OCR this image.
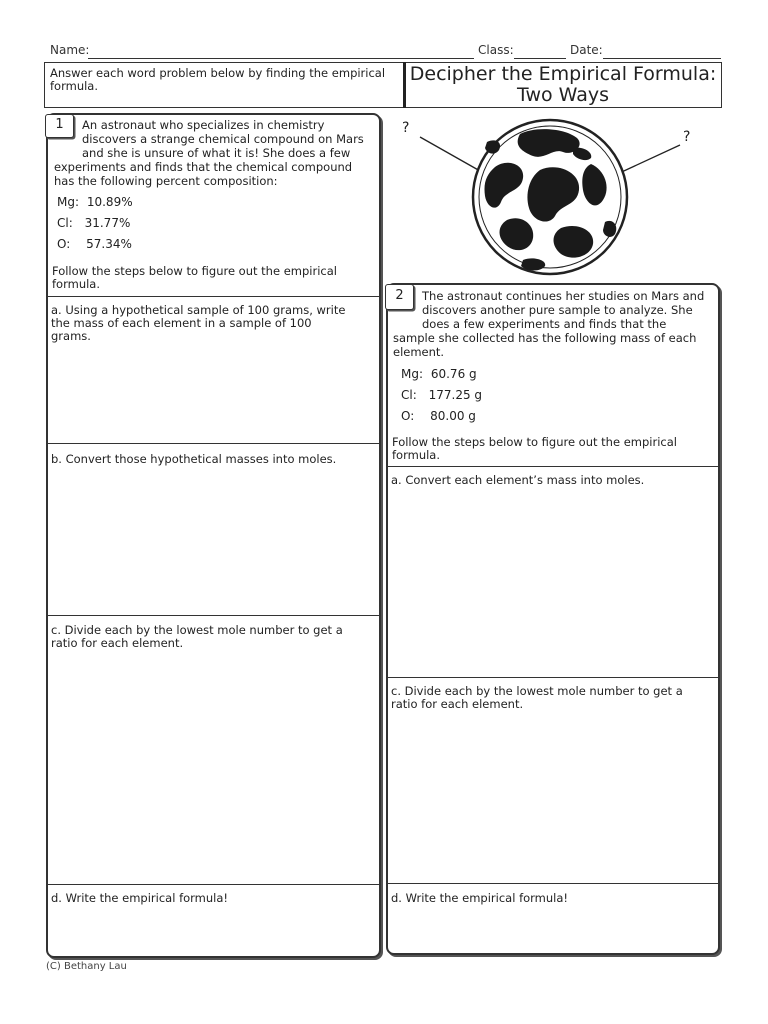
Name:	Class:	Date:
Answer each word problem below by finding the empirical formula.
Decipher the Empirical Formula:
Two Ways
?
?
1	An astronaut who specializes in chemistry
discovers a strange chemical compound on Mars
and she is unsure of what it is! She does a few
experiments and finds that the chemical compound
has the following percent composition:
Mg: 10.89%
Cl: 31.77%
O: 57.34%
Follow the steps below to figure out the empirical
formula.
a. Using a hypothetical sample of 100 grams, write
the mass of each element in a sample of 100
grams.
b. Convert those hypothetical masses into moles.
c. Divide each by the lowest mole number to get a
ratio for each element.
d. Write the empirical formula!
2	The astronaut continues her studies on Mars and
discovers another pure sample to analyze. She
does a few experiments and finds that the
sample she collected has the following mass of each
element.
Mg: 60.76 g
Cl: 177.25 g
O: 80.00 g
Follow the steps below to figure out the empirical
formula.
a. Convert each element’s mass into moles.
c. Divide each by the lowest mole number to get a
ratio for each element.
d. Write the empirical formula!
(C) Bethany Lau
